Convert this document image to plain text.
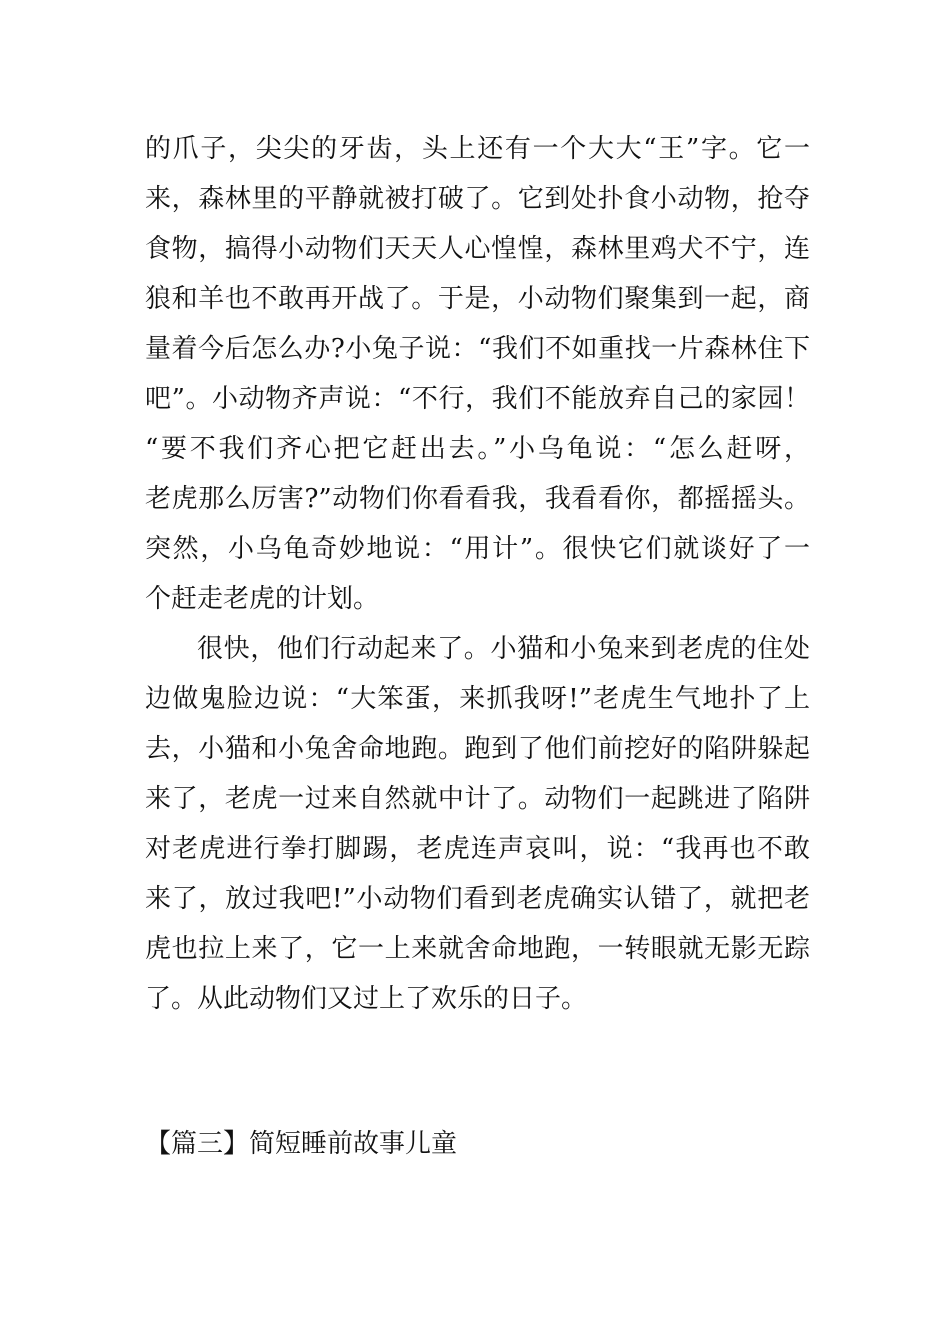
的爪子，尖尖的牙齿，头上还有一个大大“王”字。它一
来，森林里的平静就被打破了。它到处扑食小动物，抢夺
食物，搞得小动物们天天人心惶惶，森林里鸡犬不宁，连
狼和羊也不敢再开战了。于是，小动物们聚集到一起，商
量着今后怎么办?小兔子说：“我们不如重找一片森林住下
吧”。小动物齐声说：“不行，我们不能放弃自己的家园！
“要不我们齐心把它赶出去。”小乌龟说：“怎么赶呀，
老虎那么厉害?”动物们你看看我，我看看你，都摇摇头。
突然，小乌龟奇妙地说：“用计”。很快它们就谈好了一
个赶走老虎的计划。
很快，他们行动起来了。小猫和小兔来到老虎的住处
边做鬼脸边说：“大笨蛋，来抓我呀!”老虎生气地扑了上
去，小猫和小兔舍命地跑。跑到了他们前挖好的陷阱躲起
来了，老虎一过来自然就中计了。动物们一起跳进了陷阱
对老虎进行拳打脚踢，老虎连声哀叫，说：“我再也不敢
来了，放过我吧!”小动物们看到老虎确实认错了，就把老
虎也拉上来了，它一上来就舍命地跑，一转眼就无影无踪
了。从此动物们又过上了欢乐的日子。
【篇三】简短睡前故事儿童
